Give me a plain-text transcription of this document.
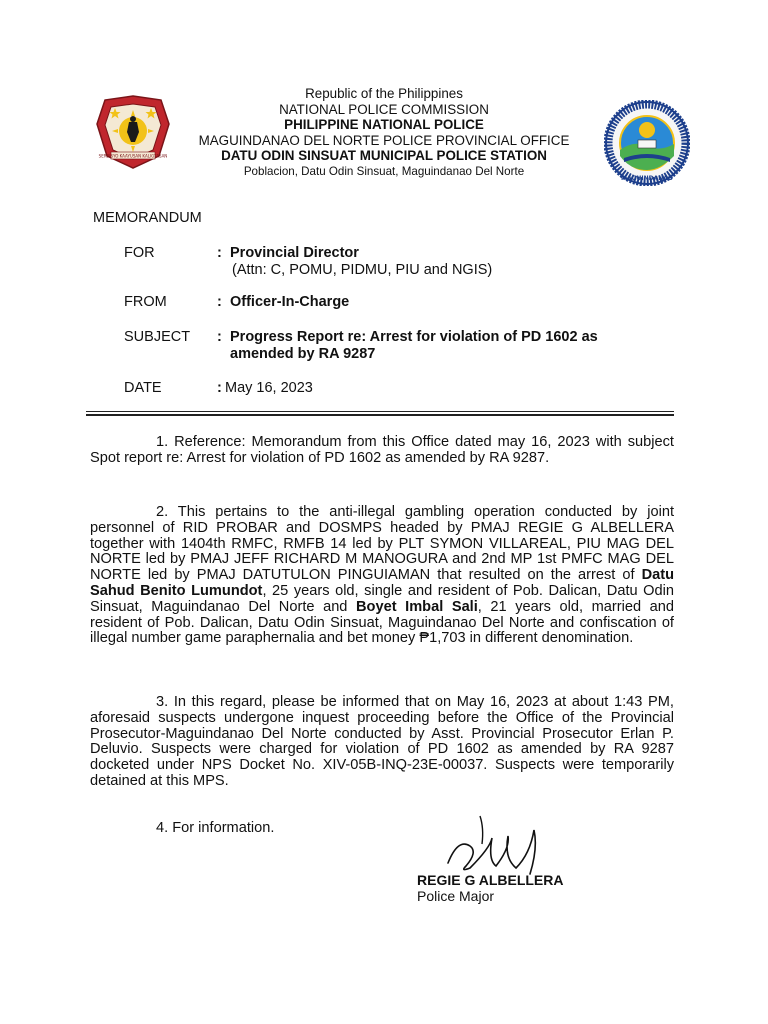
SERBISYO KAAYUSAN KALIGTASAN
Republic of the Philippines
NATIONAL POLICE COMMISSION
PHILIPPINE NATIONAL POLICE
MAGUINDANAO DEL NORTE POLICE PROVINCIAL OFFICE
DATU ODIN SINSUAT MUNICIPAL POLICE STATION
Poblacion, Datu Odin Sinsuat, Maguindanao Del Norte
MAGUINDANAO
MEMORANDUM
FOR	: Provincial Director
(Attn: C, POMU, PIDMU, PIU and NGIS)
FROM	: Officer-In-Charge
SUBJECT	: Progress Report re: Arrest for violation of PD 1602 as
amended by RA 9287
DATE	: May 16, 2023

1. Reference: Memorandum from this Office dated may 16, 2023 with subject Spot report re: Arrest for violation of PD 1602 as amended by RA 9287.

2. This pertains to the anti-illegal gambling operation conducted by joint personnel of RID PROBAR and DOSMPS headed by PMAJ REGIE G ALBELLERA together with 1404th RMFC, RMFB 14 led by PLT SYMON VILLAREAL, PIU MAG DEL NORTE led by PMAJ JEFF RICHARD M MANOGURA and 2nd MP 1st PMFC MAG DEL NORTE led by PMAJ DATUTULON PINGUIAMAN that resulted on the arrest of Datu Sahud Benito Lumundot, 25 years old, single and resident of Pob. Dalican, Datu Odin Sinsuat, Maguindanao Del Norte and Boyet Imbal Sali, 21 years old, married and resident of Pob. Dalican, Datu Odin Sinsuat, Maguindanao Del Norte and confiscation of illegal number game paraphernalia and bet money ₱1,703 in different denomination.

3. In this regard, please be informed that on May 16, 2023 at about 1:43 PM, aforesaid suspects undergone inquest proceeding before the Office of the Provincial Prosecutor-Maguindanao Del Norte conducted by Asst. Provincial Prosecutor Erlan P. Deluvio. Suspects were charged for violation of PD 1602 as amended by RA 9287 docketed under NPS Docket No. XIV-05B-INQ-23E-00037. Suspects were temporarily detained at this MPS.

4. For information.

REGIE G ALBELLERA
Police Major
